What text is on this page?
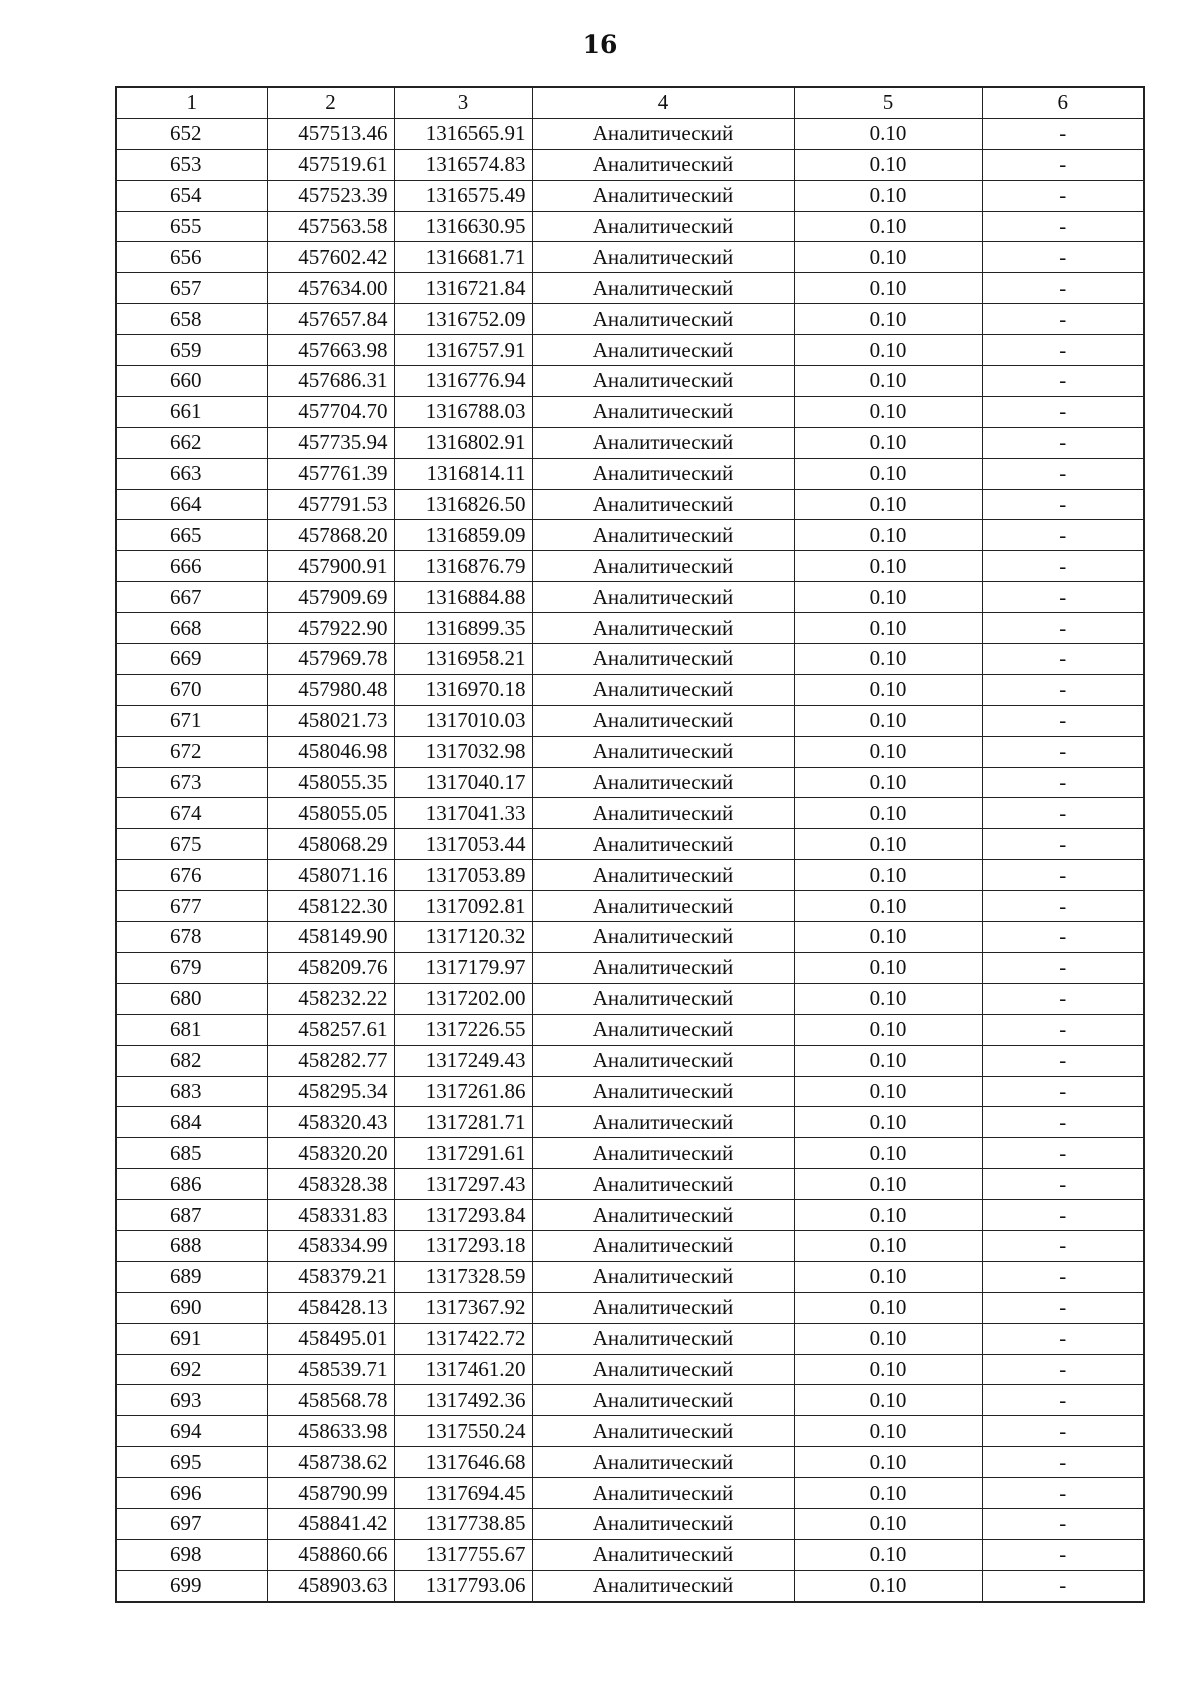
16
1	2	3	4	5	6
652	457513.46	1316565.91	Аналитический	0.10	-
653	457519.61	1316574.83	Аналитический	0.10	-
654	457523.39	1316575.49	Аналитический	0.10	-
655	457563.58	1316630.95	Аналитический	0.10	-
656	457602.42	1316681.71	Аналитический	0.10	-
657	457634.00	1316721.84	Аналитический	0.10	-
658	457657.84	1316752.09	Аналитический	0.10	-
659	457663.98	1316757.91	Аналитический	0.10	-
660	457686.31	1316776.94	Аналитический	0.10	-
661	457704.70	1316788.03	Аналитический	0.10	-
662	457735.94	1316802.91	Аналитический	0.10	-
663	457761.39	1316814.11	Аналитический	0.10	-
664	457791.53	1316826.50	Аналитический	0.10	-
665	457868.20	1316859.09	Аналитический	0.10	-
666	457900.91	1316876.79	Аналитический	0.10	-
667	457909.69	1316884.88	Аналитический	0.10	-
668	457922.90	1316899.35	Аналитический	0.10	-
669	457969.78	1316958.21	Аналитический	0.10	-
670	457980.48	1316970.18	Аналитический	0.10	-
671	458021.73	1317010.03	Аналитический	0.10	-
672	458046.98	1317032.98	Аналитический	0.10	-
673	458055.35	1317040.17	Аналитический	0.10	-
674	458055.05	1317041.33	Аналитический	0.10	-
675	458068.29	1317053.44	Аналитический	0.10	-
676	458071.16	1317053.89	Аналитический	0.10	-
677	458122.30	1317092.81	Аналитический	0.10	-
678	458149.90	1317120.32	Аналитический	0.10	-
679	458209.76	1317179.97	Аналитический	0.10	-
680	458232.22	1317202.00	Аналитический	0.10	-
681	458257.61	1317226.55	Аналитический	0.10	-
682	458282.77	1317249.43	Аналитический	0.10	-
683	458295.34	1317261.86	Аналитический	0.10	-
684	458320.43	1317281.71	Аналитический	0.10	-
685	458320.20	1317291.61	Аналитический	0.10	-
686	458328.38	1317297.43	Аналитический	0.10	-
687	458331.83	1317293.84	Аналитический	0.10	-
688	458334.99	1317293.18	Аналитический	0.10	-
689	458379.21	1317328.59	Аналитический	0.10	-
690	458428.13	1317367.92	Аналитический	0.10	-
691	458495.01	1317422.72	Аналитический	0.10	-
692	458539.71	1317461.20	Аналитический	0.10	-
693	458568.78	1317492.36	Аналитический	0.10	-
694	458633.98	1317550.24	Аналитический	0.10	-
695	458738.62	1317646.68	Аналитический	0.10	-
696	458790.99	1317694.45	Аналитический	0.10	-
697	458841.42	1317738.85	Аналитический	0.10	-
698	458860.66	1317755.67	Аналитический	0.10	-
699	458903.63	1317793.06	Аналитический	0.10	-
